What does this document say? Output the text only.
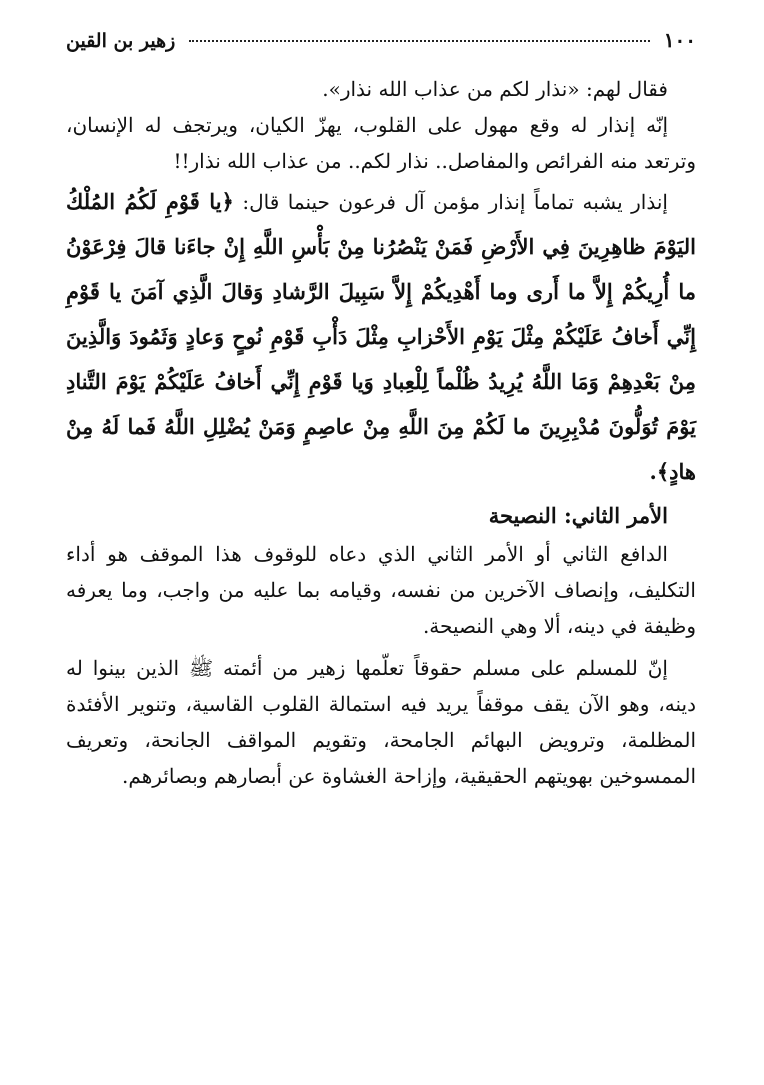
١٠٠
زهير بن القين

فقال لهم: «نذار لكم من عذاب الله نذار».

إنّه إنذار له وقع مهول على القلوب، يهزّ الكيان، ويرتجف له الإنسان، وترتعد منه الفرائص والمفاصل.. نذار لكم.. من عذاب الله نذار!!

إنذار يشبه تماماً إنذار مؤمن آل فرعون حينما قال: ﴿يا قَوْمِ لَكُمُ المُلْكُ اليَوْمَ ظاهِرِينَ فِي الأَرْضِ فَمَنْ يَنْصُرُنا مِنْ بَأْسِ اللَّهِ إِنْ جاءَنا قالَ فِرْعَوْنُ ما أُرِيكُمْ إِلاَّ ما أَرى وما أَهْدِيكُمْ إِلاَّ سَبِيلَ الرَّشادِ وَقالَ الَّذِي آمَنَ يا قَوْمِ إِنِّي أَخافُ عَلَيْكُمْ مِثْلَ يَوْمِ الأَحْزابِ مِثْلَ دَأْبِ قَوْمِ نُوحٍ وَعادٍ وَثَمُودَ وَالَّذِينَ مِنْ بَعْدِهِمْ وَمَا اللَّهُ يُرِيدُ ظُلْماً لِلْعِبادِ وَيا قَوْمِ إِنِّي أَخافُ عَلَيْكُمْ يَوْمَ التَّنادِ يَوْمَ تُوَلُّونَ مُدْبِرِينَ ما لَكُمْ مِنَ اللَّهِ مِنْ عاصِمٍ وَمَنْ يُضْلِلِ اللَّهُ فَما لَهُ مِنْ هادٍ﴾.

الأمر الثاني: النصيحة

الدافع الثاني أو الأمر الثاني الذي دعاه للوقوف هذا الموقف هو أداء التكليف، وإنصاف الآخرين من نفسه، وقيامه بما عليه من واجب، وما يعرفه وظيفة في دينه، ألا وهي النصيحة.

إنّ للمسلم على مسلم حقوقاً تعلّمها زهير من أئمته ﷺ الذين بينوا له دينه، وهو الآن يقف موقفاً يريد فيه استمالة القلوب القاسية، وتنوير الأفئدة المظلمة، وترويض البهائم الجامحة، وتقويم المواقف الجانحة، وتعريف الممسوخين بهويتهم الحقيقية، وإزاحة الغشاوة عن أبصارهم وبصائرهم.
